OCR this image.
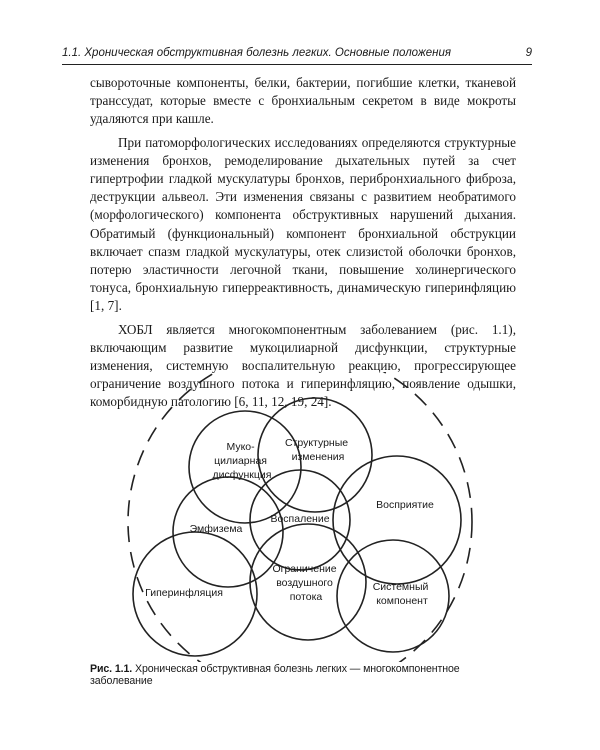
1.1. Хроническая обструктивная болезнь легких. Основные положения	9

сывороточные компоненты, белки, бактерии, погибшие клетки, тканевой транссудат, которые вместе с бронхиальным секретом в виде мокроты удаляются при кашле.

При патоморфологических исследованиях определяются структурные изменения бронхов, ремоделирование дыхательных путей за счет гипертрофии гладкой мускулатуры бронхов, перибронхиального фиброза, деструкции альвеол. Эти изменения связаны с развитием необратимого (морфологического) компонента обструктивных нарушений дыхания. Обратимый (функциональный) компонент бронхиальной обструкции включает спазм гладкой мускулатуры, отек слизистой оболочки бронхов, потерю эластичности легочной ткани, повышение холинергического тонуса, бронхиальную гиперреактивность, динамическую гиперинфляцию [1, 7].

ХОБЛ является многокомпонентным заболеванием (рис. 1.1), включающим развитие мукоцилиарной дисфункции, структурные изменения, системную воспалительную реакцию, прогрессирующее ограничение воздушного потока и гиперинфляцию, появление одышки, коморбидную патологию [6, 11, 12, 19, 24].

Муко- цилиарная дисфункция
Структурные изменения
Эмфизема
Воспаление
Восприятие
Гиперинфляция
Ограничение воздушного потока
Системный компонент
Рис. 1.1. Хроническая обструктивная болезнь легких — многокомпонентное заболевание
